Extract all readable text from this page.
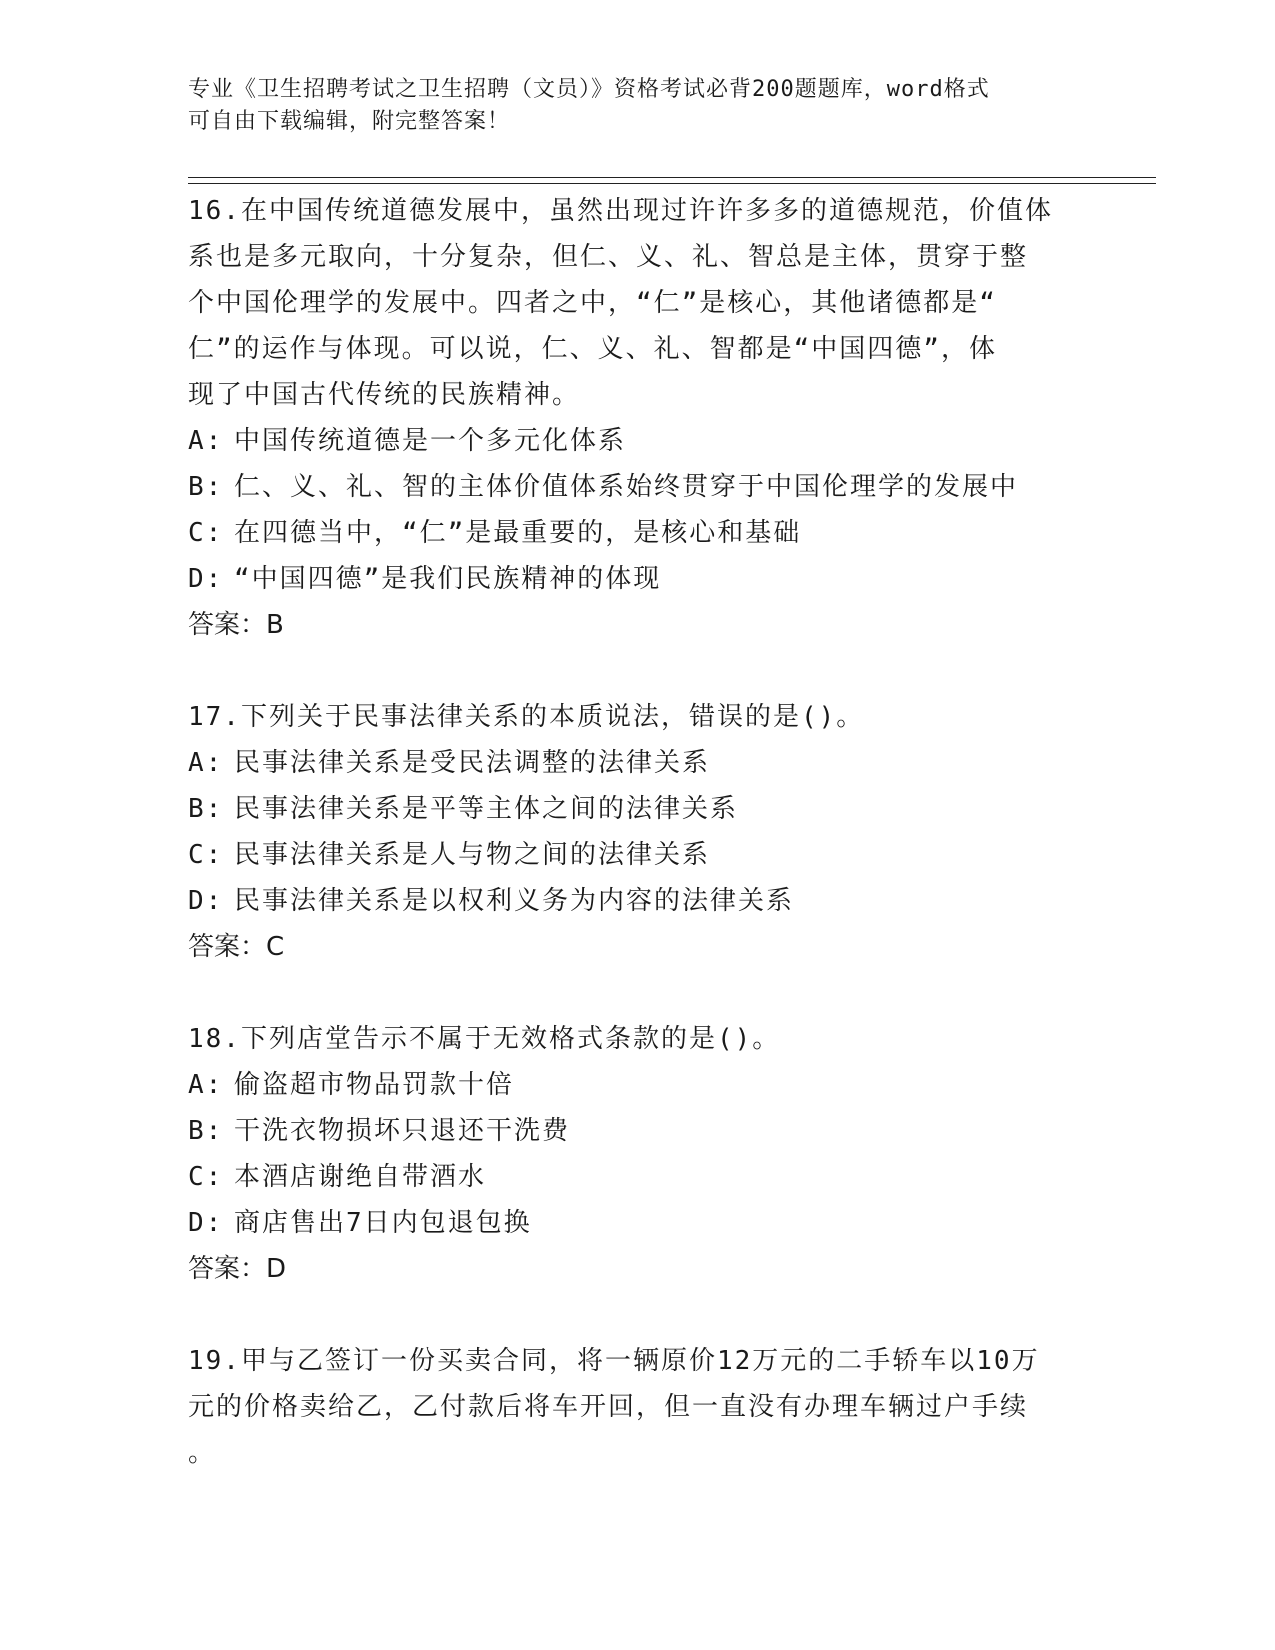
专业《卫生招聘考试之卫生招聘（文员）》资格考试必背200题题库，word格式
可自由下载编辑，附完整答案！
16.在中国传统道德发展中，虽然出现过许许多多的道德规范，价值体
系也是多元取向，十分复杂，但仁、义、礼、智总是主体，贯穿于整
个中国伦理学的发展中。四者之中，“仁”是核心，其他诸德都是“
仁”的运作与体现。可以说，仁、义、礼、智都是“中国四德”，体
现了中国古代传统的民族精神。
A: 中国传统道德是一个多元化体系
B: 仁、义、礼、智的主体价值体系始终贯穿于中国伦理学的发展中
C: 在四德当中，“仁”是最重要的，是核心和基础
D: “中国四德”是我们民族精神的体现
答案：B
17.下列关于民事法律关系的本质说法，错误的是()。
A: 民事法律关系是受民法调整的法律关系
B: 民事法律关系是平等主体之间的法律关系
C: 民事法律关系是人与物之间的法律关系
D: 民事法律关系是以权利义务为内容的法律关系
答案：C
18.下列店堂告示不属于无效格式条款的是()。
A: 偷盗超市物品罚款十倍
B: 干洗衣物损坏只退还干洗费
C: 本酒店谢绝自带酒水
D: 商店售出7日内包退包换
答案：D
19.甲与乙签订一份买卖合同，将一辆原价12万元的二手轿车以10万
元的价格卖给乙，乙付款后将车开回，但一直没有办理车辆过户手续
。
